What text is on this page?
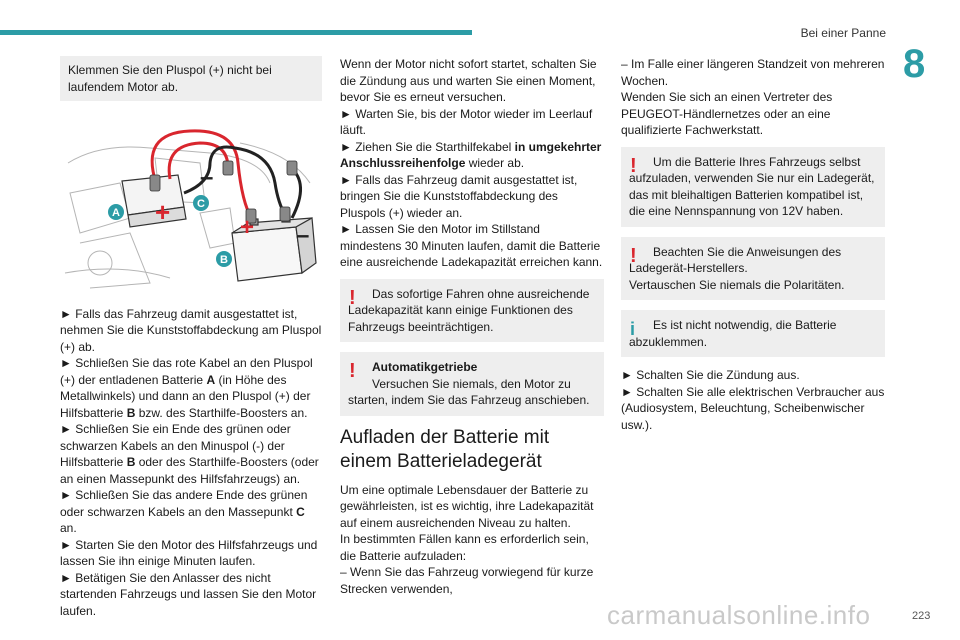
Bei einer Panne
8

Klemmen Sie den Pluspol (+) nicht bei laufendem Motor ab.

+
+
–
–
A
C
B

► Falls das Fahrzeug damit ausgestattet ist, nehmen Sie die Kunststoffabdeckung am Pluspol (+) ab.

► Schließen Sie das rote Kabel an den Pluspol (+) der entladenen Batterie A (in Höhe des Metallwinkels) und dann an den Pluspol (+) der Hilfsbatterie B bzw. des Starthilfe-Boosters an.

► Schließen Sie ein Ende des grünen oder schwarzen Kabels an den Minuspol (-) der Hilfsbatterie B oder des Starthilfe-Boosters (oder an einen Massepunkt des Hilfsfahrzeugs) an.

► Schließen Sie das andere Ende des grünen oder schwarzen Kabels an den Massepunkt C an.

► Starten Sie den Motor des Hilfsfahrzeugs und lassen Sie ihn einige Minuten laufen.

► Betätigen Sie den Anlasser des nicht startenden Fahrzeugs und lassen Sie den Motor laufen.

Wenn der Motor nicht sofort startet, schalten Sie die Zündung aus und warten Sie einen Moment, bevor Sie es erneut versuchen.

► Warten Sie, bis der Motor wieder im Leerlauf läuft.

► Ziehen Sie die Starthilfekabel in umgekehrter Anschlussreihenfolge wieder ab.

► Falls das Fahrzeug damit ausgestattet ist, bringen Sie die Kunststoffabdeckung des Pluspols (+) wieder an.

► Lassen Sie den Motor im Stillstand mindestens 30 Minuten laufen, damit die Batterie eine ausreichende Ladekapazität erreichen kann.

!	Das sofortige Fahren ohne ausreichende Ladekapazität kann einige Funktionen des Fahrzeugs beeinträchtigen.

!	Automatikgetriebe

Versuchen Sie niemals, den Motor zu starten, indem Sie das Fahrzeug anschieben.

Aufladen der Batterie mit einem Batterieladegerät

Um eine optimale Lebensdauer der Batterie zu gewährleisten, ist es wichtig, ihre Ladekapazität auf einem ausreichenden Niveau zu halten.

In bestimmten Fällen kann es erforderlich sein, die Batterie aufzuladen:

– Wenn Sie das Fahrzeug vorwiegend für kurze Strecken verwenden,

– Im Falle einer längeren Standzeit von mehreren Wochen.

Wenden Sie sich an einen Vertreter des PEUGEOT-Händlernetzes oder an eine qualifizierte Fachwerkstatt.

!	Um die Batterie Ihres Fahrzeugs selbst aufzuladen, verwenden Sie nur ein Ladegerät, das mit bleihaltigen Batterien kompatibel ist, die eine Nennspannung von 12V haben.

!	Beachten Sie die Anweisungen des Ladegerät-Herstellers.

Vertauschen Sie niemals die Polaritäten.

i	Es ist nicht notwendig, die Batterie abzuklemmen.

► Schalten Sie die Zündung aus.

► Schalten Sie alle elektrischen Verbraucher aus (Audiosystem, Beleuchtung, Scheibenwischer usw.).

carmanualsonline.info	223
